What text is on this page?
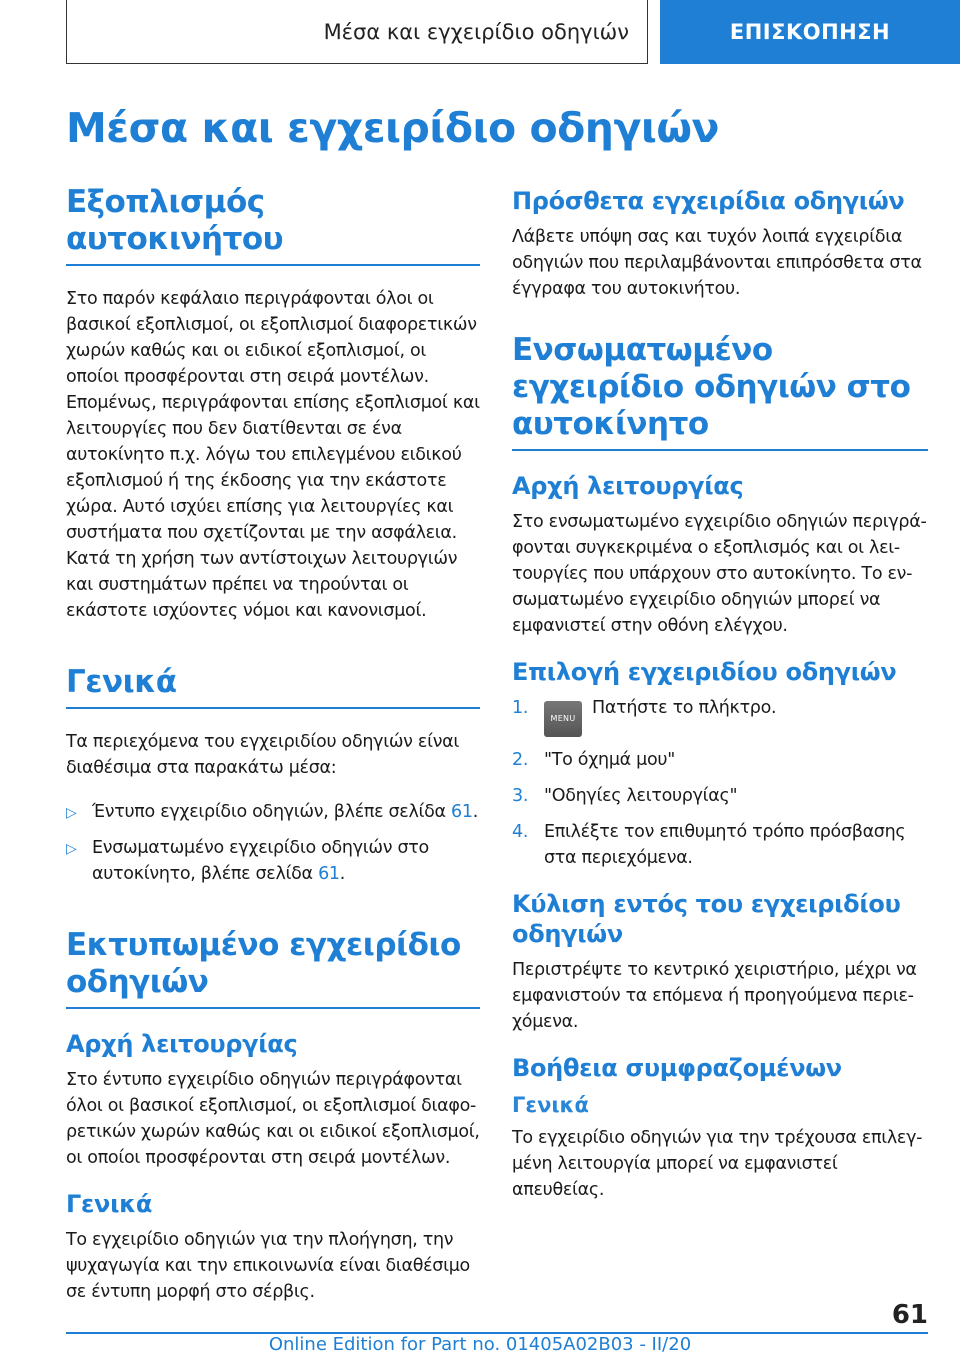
Μέσα και εγχειρίδιο οδηγιών	ΕΠΙΣΚΟΠΗΣΗ
Μέσα και εγχειρίδιο οδηγιών
Εξοπλισμός αυτοκινήτου

Στο παρόν κεφάλαιο περιγράφονται όλοι οι βασικοί εξοπλισμοί, οι εξοπλισμοί διαφορετικών χωρών καθώς και οι ειδικοί εξοπλισμοί, οι οποίοι προσφέρονται στη σειρά μοντέλων. Επομένως, περιγράφονται επίσης εξοπλισμοί και λειτουργίες που δεν διατίθενται σε ένα αυτοκίνητο π.χ. λόγω του επιλεγμένου ειδικού εξοπλισμού ή της έκδοσης για την εκάστοτε χώρα. Αυτό ισχύει επίσης για λειτουργίες και συστήματα που σχετίζονται με την ασφάλεια. Κατά τη χρήση των αντίστοιχων λειτουργιών και συστημάτων πρέπει να τηρούνται οι εκάστοτε ισχύοντες νόμοι και κανονισμοί.

Γενικά

Τα περιεχόμενα του εγχειριδίου οδηγιών είναι διαθέσιμα στα παρακάτω μέσα:

▷ Έντυπο εγχειρίδιο οδηγιών, βλέπε σελίδα 61.
▷ Ενσωματωμένο εγχειρίδιο οδηγιών στο αυτοκίνητο, βλέπε σελίδα 61.
Εκτυπωμένο εγχειρίδιο οδηγιών
Αρχή λειτουργίας

Στο έντυπο εγχειρίδιο οδηγιών περιγράφονται όλοι οι βασικοί εξοπλισμοί, οι εξοπλισμοί διαφορετικών χωρών καθώς και οι ειδικοί εξοπλισμοί, οι οποίοι προσφέρονται στη σειρά μοντέλων.

Γενικά

Το εγχειρίδιο οδηγιών για την πλοήγηση, την ψυχαγωγία και την επικοινωνία είναι διαθέσιμο σε έντυπη μορφή στο σέρβις.

Πρόσθετα εγχειρίδια οδηγιών

Λάβετε υπόψη σας και τυχόν λοιπά εγχειρίδια οδηγιών που περιλαμβάνονται επιπρόσθετα στα έγγραφα του αυτοκινήτου.

Ενσωματωμένο εγχειρίδιο οδηγιών στο αυτοκίνητο
Αρχή λειτουργίας

Στο ενσωματωμένο εγχειρίδιο οδηγιών περιγράφονται συγκεκριμένα ο εξοπλισμός και οι λειτουργίες που υπάρχουν στο αυτοκίνητο. Το ενσωματωμένο εγχειρίδιο οδηγιών μπορεί να εμφανιστεί στην οθόνη ελέγχου.

Επιλογή εγχειριδίου οδηγιών
1.
MENUΠατήστε το πλήκτρο.
2. "Το όχημά μου"
3. "Οδηγίες λειτουργίας"
4. Επιλέξτε τον επιθυμητό τρόπο πρόσβασης στα περιεχόμενα.
Κύλιση εντός του εγχειριδίου οδηγιών

Περιστρέψτε το κεντρικό χειριστήριο, μέχρι να εμφανιστούν τα επόμενα ή προηγούμενα περιεχόμενα.

Βοήθεια συμφραζομένων
Γενικά

Το εγχειρίδιο οδηγιών για την τρέχουσα επιλεγμένη λειτουργία μπορεί να εμφανιστεί απευθείας.

61
Online Edition for Part no. 01405A02B03 - II/20
